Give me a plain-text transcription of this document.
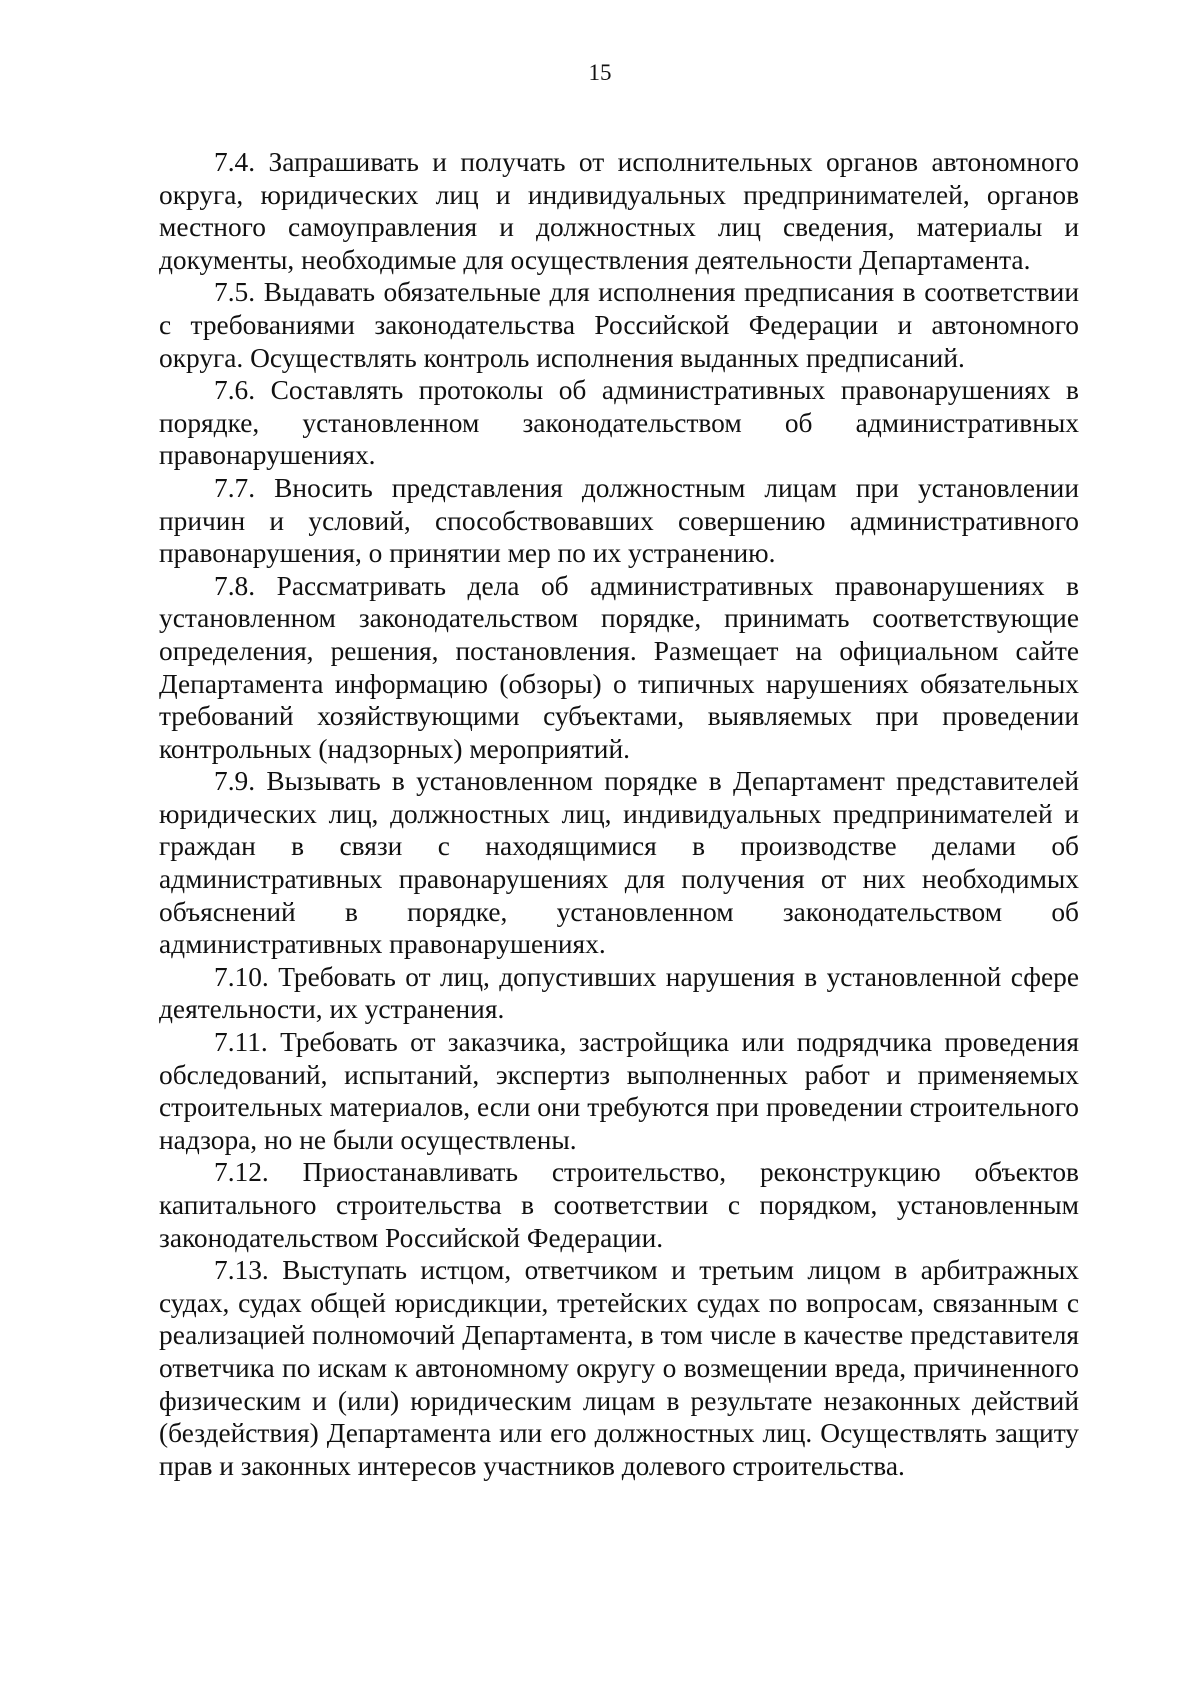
15

7.4. Запрашивать и получать от исполнительных органов автономного округа, юридических лиц и индивидуальных предпринимателей, органов местного самоуправления и должностных лиц сведения, материалы и документы, необходимые для осуществления деятельности Департамента.

7.5. Выдавать обязательные для исполнения предписания в соответствии с требованиями законодательства Российской Федерации и автономного округа. Осуществлять контроль исполнения выданных предписаний.

7.6. Составлять протоколы об административных правонарушениях в порядке, установленном законодательством об административных правонарушениях.

7.7. Вносить представления должностным лицам при установлении причин и условий, способствовавших совершению административного правонарушения, о принятии мер по их устранению.

7.8. Рассматривать дела об административных правонарушениях в установленном законодательством порядке, принимать соответствующие определения, решения, постановления. Размещает на официальном сайте Департамента информацию (обзоры) о типичных нарушениях обязательных требований хозяйствующими субъектами, выявляемых при проведении контрольных (надзорных) мероприятий.

7.9. Вызывать в установленном порядке в Департамент представителей юридических лиц, должностных лиц, индивидуальных предпринимателей и граждан в связи с находящимися в производстве делами об административных правонарушениях для получения от них необходимых объяснений в порядке, установленном законодательством об административных правонарушениях.

7.10. Требовать от лиц, допустивших нарушения в установленной сфере деятельности, их устранения.

7.11. Требовать от заказчика, застройщика или подрядчика проведения обследований, испытаний, экспертиз выполненных работ и применяемых строительных материалов, если они требуются при проведении строительного надзора, но не были осуществлены.

7.12. Приостанавливать строительство, реконструкцию объектов капитального строительства в соответствии с порядком, установленным законодательством Российской Федерации.

7.13. Выступать истцом, ответчиком и третьим лицом в арбитражных судах, судах общей юрисдикции, третейских судах по вопросам, связанным с реализацией полномочий Департамента, в том числе в качестве представителя ответчика по искам к автономному округу о возмещении вреда, причиненного физическим и (или) юридическим лицам в результате незаконных действий (бездействия) Департамента или его должностных лиц. Осуществлять защиту прав и законных интересов участников долевого строительства.
